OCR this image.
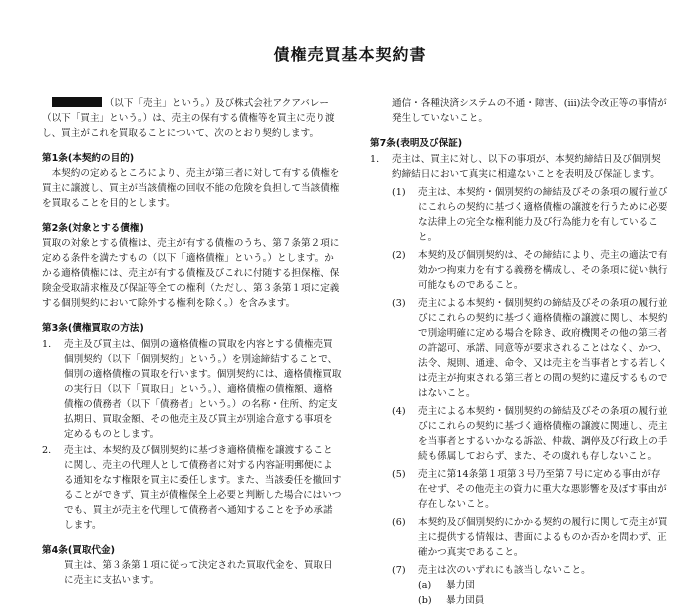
債権売買基本契約書

（以下「売主」という。）及び株式会社アクアバレー（以下「買主」という。）は、売主の保有する債権等を買主に売り渡し、買主がこれを買取ることについて、次のとおり契約します。

第1条(本契約の目的)

本契約の定めるところにより、売主が第三者に対して有する債権を買主に譲渡し、買主が当該債権の回収不能の危険を負担して当該債権を買取ることを目的とします。

第2条(対象とする債権)

買取の対象とする債権は、売主が有する債権のうち、第７条第２項に定める条件を満たすもの（以下「適格債権」という。）とします。かかる適格債権には、売主が有する債権及びこれに付随する担保権、保険金受取請求権及び保証等全ての権利（ただし、第３条第１項に定義する個別契約において除外する権利を除く。）を含みます。

第3条(債権買取の方法)

1.	売主及び買主は、個別の適格債権の買取を内容とする債権売買個別契約（以下「個別契約」という。）を別途締結することで、個別の適格債権の買取を行います。個別契約には、適格債権買取の実行日（以下「買取日」という。）、適格債権の債権額、適格債権の債務者（以下「債務者」という。）の名称・住所、約定支払期日、買取金額、その他売主及び買主が別途合意する事項を定めるものとします。
2.	売主は、本契約及び個別契約に基づき適格債権を譲渡することに関し、売主の代理人として債務者に対する内容証明郵便による通知をなす権限を買主に委任します。また、当該委任を撤回することができず、買主が債権保全上必要と判断した場合にはいつでも、買主が売主を代理して債務者へ通知することを予め承諾します。

第4条(買取代金)

買主は、第３条第１項に従って決定された買取代金を、買取日に売主に支払います。

通信・各種決済システムの不通・障害、(iii)法令改正等の事情が発生していないこと。

第7条(表明及び保証)

1.	売主は、買主に対し、以下の事項が、本契約締結日及び個別契約締結日において真実に相違ないことを表明及び保証します。
(1)	売主は、本契約・個別契約の締結及びその条項の履行並びにこれらの契約に基づく適格債権の譲渡を行うために必要な法律上の完全な権利能力及び行為能力を有していること。
(2)	本契約及び個別契約は、その締結により、売主の適法で有効かつ拘束力を有する義務を構成し、その条項に従い執行可能なものであること。
(3)	売主による本契約・個別契約の締結及びその条項の履行並びにこれらの契約に基づく適格債権の譲渡に関し、本契約で別途明確に定める場合を除き、政府機関その他の第三者の許認可、承諾、同意等が要求されることはなく、かつ、法令、規則、通達、命令、又は売主を当事者とする若しくは売主が拘束される第三者との間の契約に違反するものではないこと。
(4)	売主による本契約・個別契約の締結及びその条項の履行並びにこれらの契約に基づく適格債権の譲渡に関連し、売主を当事者とするいかなる訴訟、仲裁、調停及び行政上の手続も係属しておらず、また、その虞れも存しないこと。
(5)	売主に第14条第１項第３号乃至第７号に定める事由が存在せず、その他売主の資力に重大な悪影響を及ぼす事由が存在しないこと。
(6)	本契約及び個別契約にかかる契約の履行に関して売主が買主に提供する情報は、書面によるものか否かを問わず、正確かつ真実であること。
(7)	売主は次のいずれにも該当しないこと。
(a)	暴力団
(b)	暴力団員
